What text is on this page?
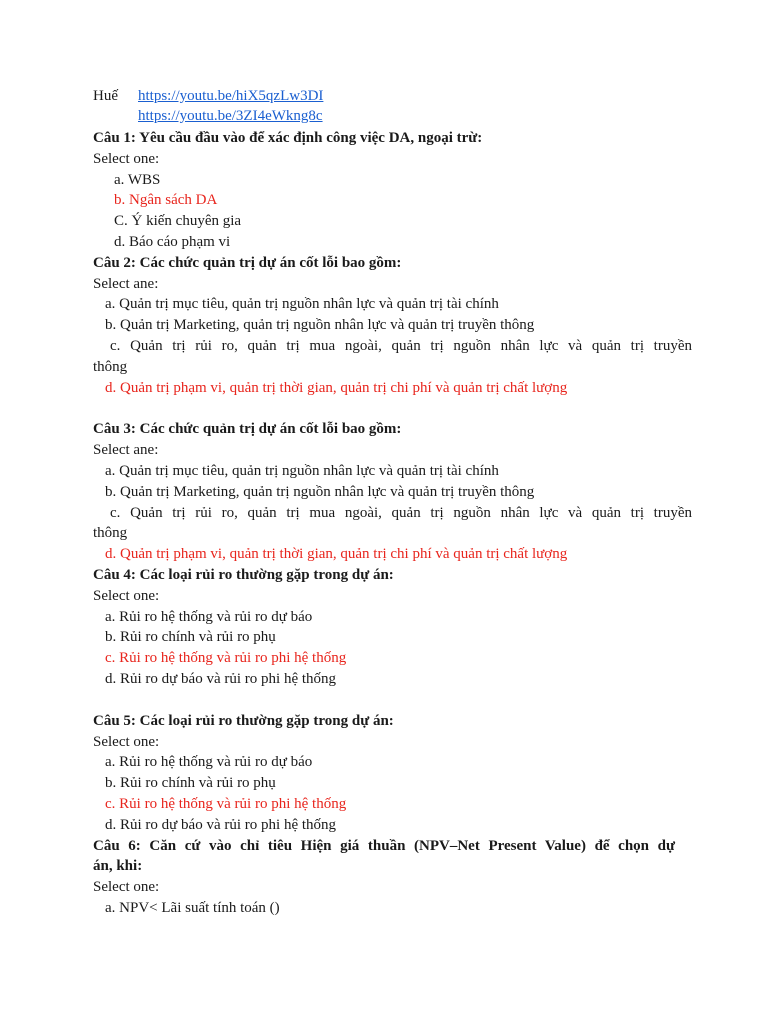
Huế	https://youtu.be/hiX5qzLw3DI
https://youtu.be/3ZI4eWkng8c
Câu 1: Yêu cầu đầu vào để xác định công việc DA, ngoại trừ:
Select one:
a. WBS
b. Ngân sách DA
C. Ý kiến chuyên gia
d. Báo cáo phạm vi
Câu 2: Các chức quản trị dự án cốt lỗi bao gồm:
Select ane:
a. Quản trị mục tiêu, quản trị nguồn nhân lực và quản trị tài chính
b. Quản trị Marketing, quản trị nguồn nhân lực và quản trị truyền thông
c. Quản trị rủi ro, quản trị mua ngoài, quản trị nguồn nhân lực và quản trị truyền
thông
d. Quản trị phạm vi, quản trị thời gian, quản trị chi phí và quản trị chất lượng
Câu 3: Các chức quản trị dự án cốt lỗi bao gồm:
Select ane:
a. Quản trị mục tiêu, quản trị nguồn nhân lực và quản trị tài chính
b. Quản trị Marketing, quản trị nguồn nhân lực và quản trị truyền thông
c. Quản trị rủi ro, quản trị mua ngoài, quản trị nguồn nhân lực và quản trị truyền
thông
d. Quản trị phạm vi, quản trị thời gian, quản trị chi phí và quản trị chất lượng
Câu 4: Các loại rủi ro thường gặp trong dự án:
Select one:
a. Rủi ro hệ thống và rủi ro dự báo
b. Rủi ro chính và rủi ro phụ
c. Rủi ro hệ thống và rủi ro phi hệ thống
d. Rủi ro dự báo và rủi ro phi hệ thống
Câu 5: Các loại rủi ro thường gặp trong dự án:
Select one:
a. Rủi ro hệ thống và rủi ro dự báo
b. Rủi ro chính và rủi ro phụ
c. Rủi ro hệ thống và rủi ro phi hệ thống
d. Rủi ro dự báo và rủi ro phi hệ thống
Câu 6: Căn cứ vào chỉ tiêu Hiện giá thuần (NPV–Net Present Value) để chọn dự
án, khi:
Select one:
a. NPV< Lãi suất tính toán ()
